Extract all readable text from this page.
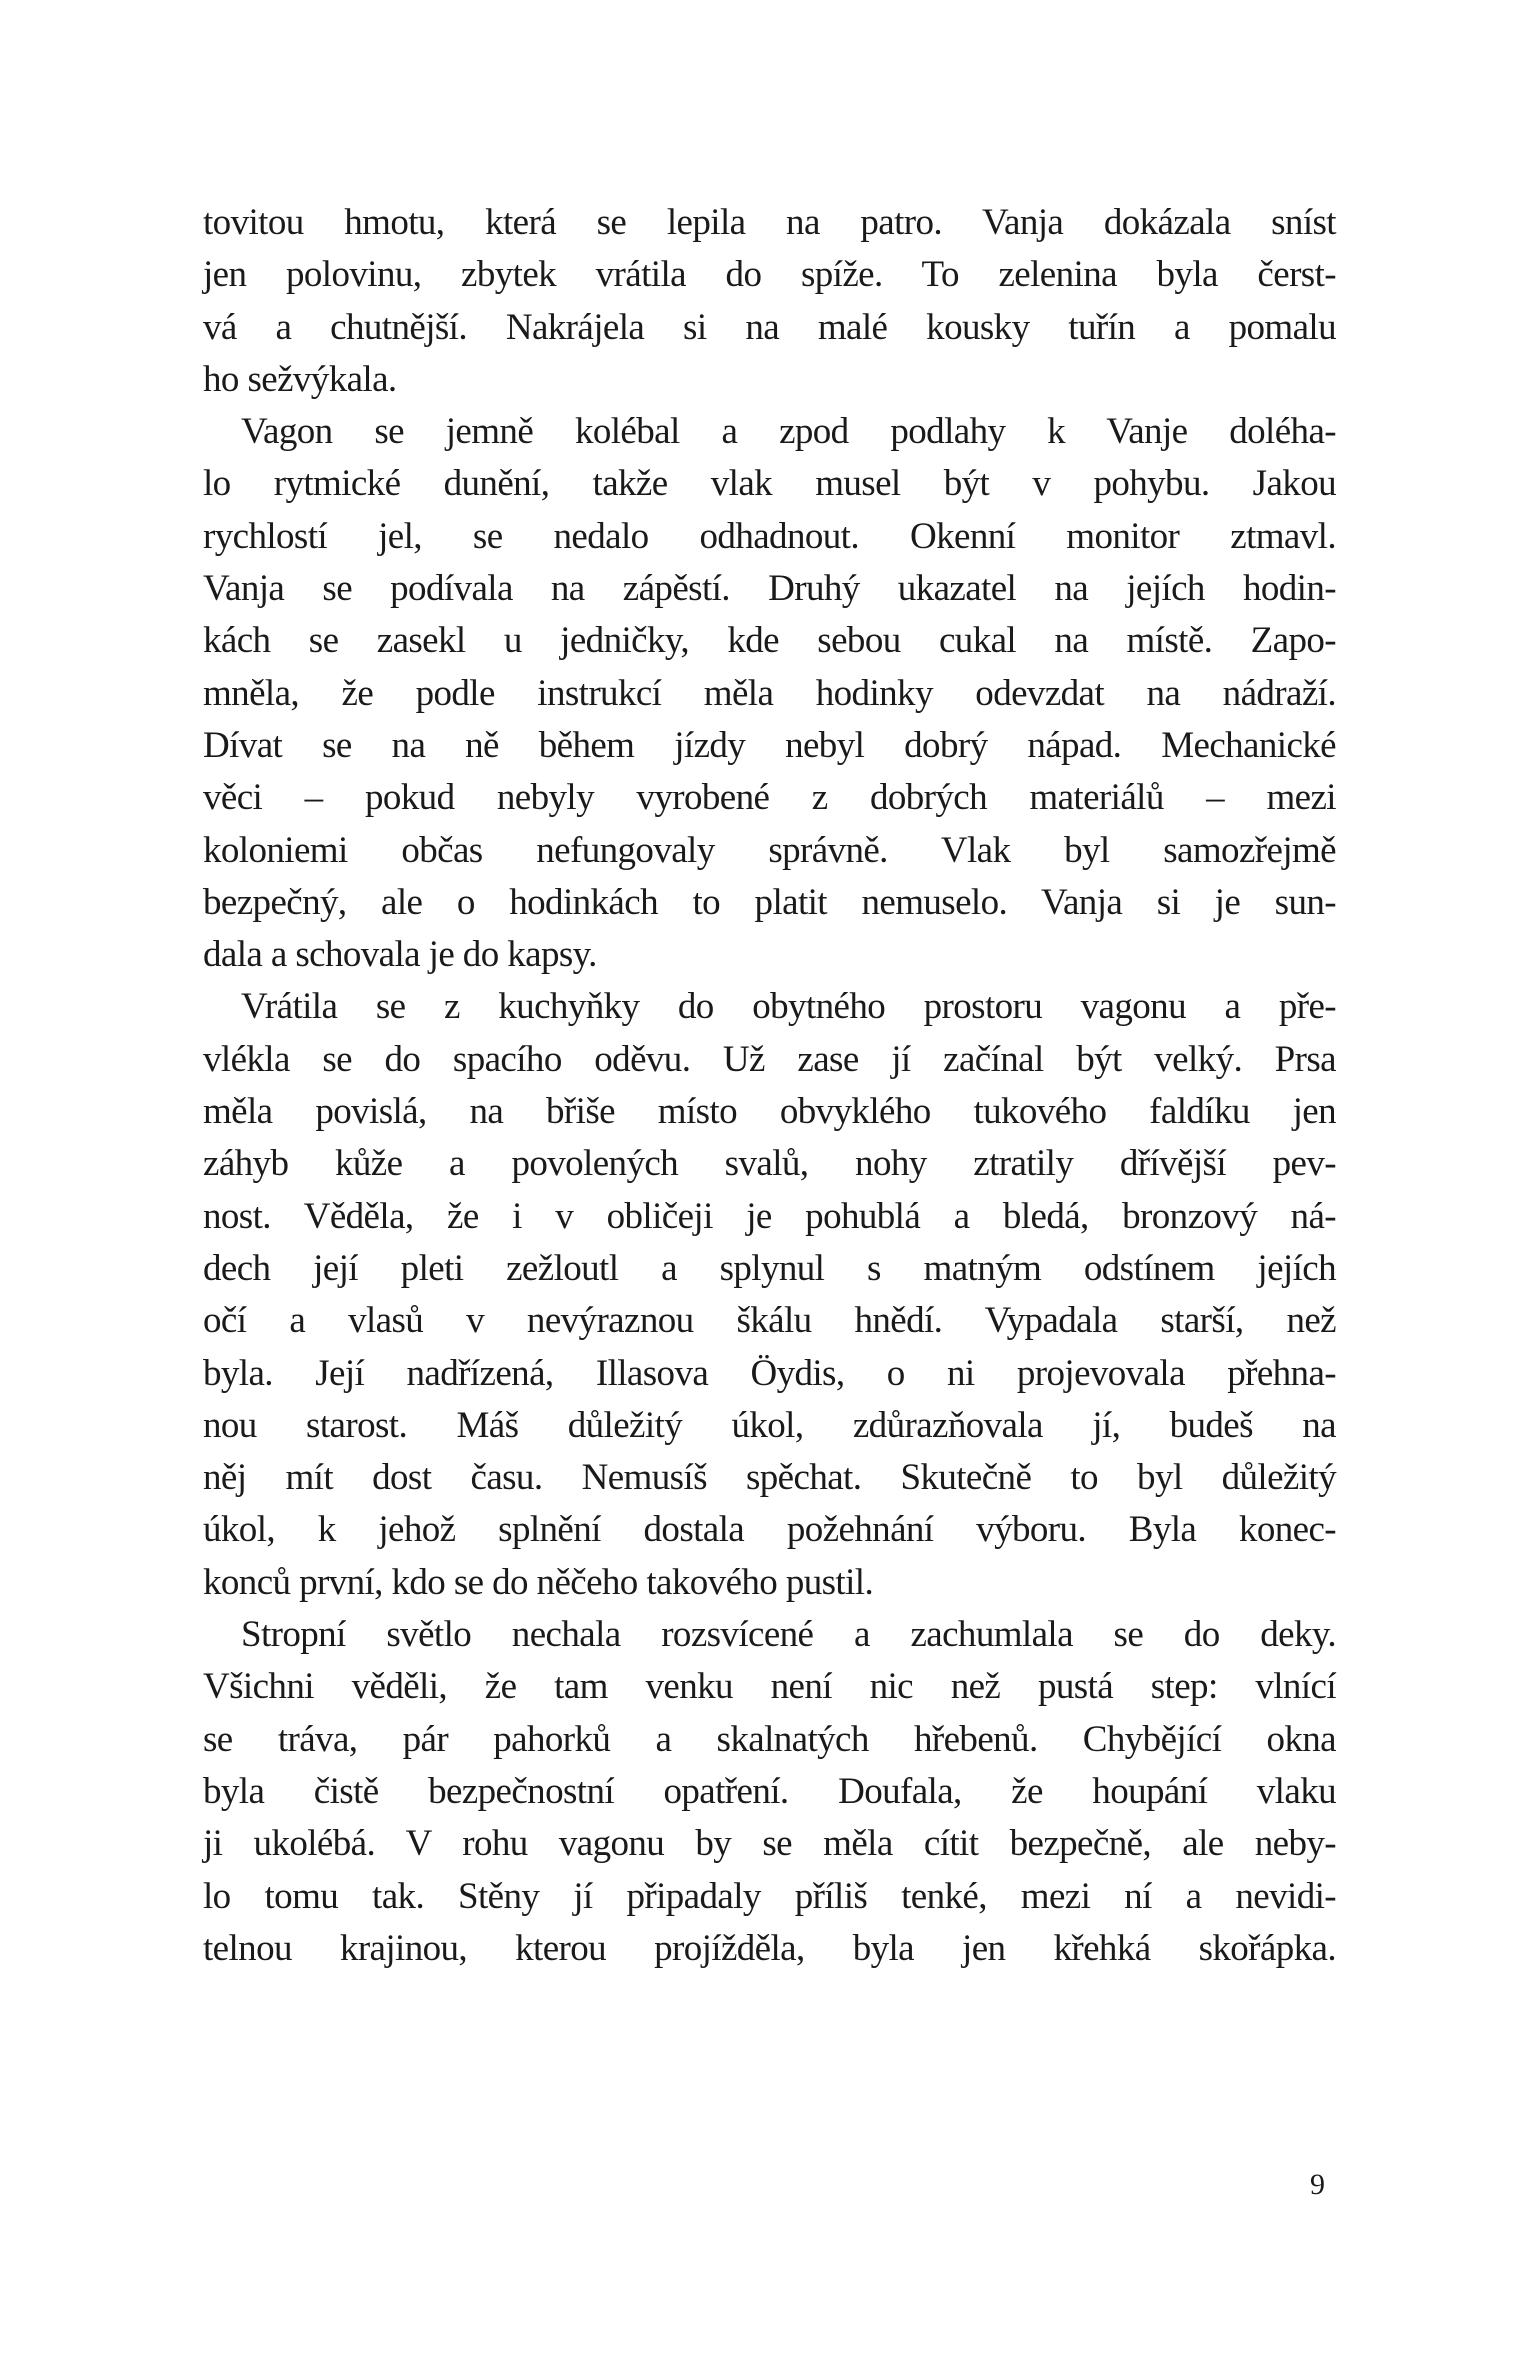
tovitou hmotu, která se lepila na patro. Vanja dokázala sníst
jen polovinu, zbytek vrátila do spíže. To zelenina byla čerst-
vá a chutnější. Nakrájela si na malé kousky tuřín a pomalu
ho sežvýkala.
Vagon se jemně kolébal a zpod podlahy k Vanje doléha-
lo rytmické dunění, takže vlak musel být v pohybu. Jakou
rychlostí jel, se nedalo odhadnout. Okenní monitor ztmavl.
Vanja se podívala na zápěstí. Druhý ukazatel na jejích hodin-
kách se zasekl u jedničky, kde sebou cukal na místě. Zapo-
mněla, že podle instrukcí měla hodinky odevzdat na nádraží.
Dívat se na ně během jízdy nebyl dobrý nápad. Mechanické
věci – pokud nebyly vyrobené z dobrých materiálů – mezi
koloniemi občas nefungovaly správně. Vlak byl samozřejmě
bezpečný, ale o hodinkách to platit nemuselo. Vanja si je sun-
dala a schovala je do kapsy.
Vrátila se z kuchyňky do obytného prostoru vagonu a pře-
vlékla se do spacího oděvu. Už zase jí začínal být velký. Prsa
měla povislá, na břiše místo obvyklého tukového faldíku jen
záhyb kůže a povolených svalů, nohy ztratily dřívější pev-
nost. Věděla, že i v obličeji je pohublá a bledá, bronzový ná-
dech její pleti zežloutl a splynul s matným odstínem jejích
očí a vlasů v nevýraznou škálu hnědí. Vypadala starší, než
byla. Její nadřízená, Illasova Öydis, o ni projevovala přehna-
nou starost. Máš důležitý úkol, zdůrazňovala jí, budeš na
něj mít dost času. Nemusíš spěchat. Skutečně to byl důležitý
úkol, k jehož splnění dostala požehnání výboru. Byla konec-
konců první, kdo se do něčeho takového pustil.
Stropní světlo nechala rozsvícené a zachumlala se do deky.
Všichni věděli, že tam venku není nic než pustá step: vlnící
se tráva, pár pahorků a skalnatých hřebenů. Chybějící okna
byla čistě bezpečnostní opatření. Doufala, že houpání vlaku
ji ukolébá. V rohu vagonu by se měla cítit bezpečně, ale neby-
lo tomu tak. Stěny jí připadaly příliš tenké, mezi ní a nevidi-
telnou krajinou, kterou projížděla, byla jen křehká skořápka.
9
